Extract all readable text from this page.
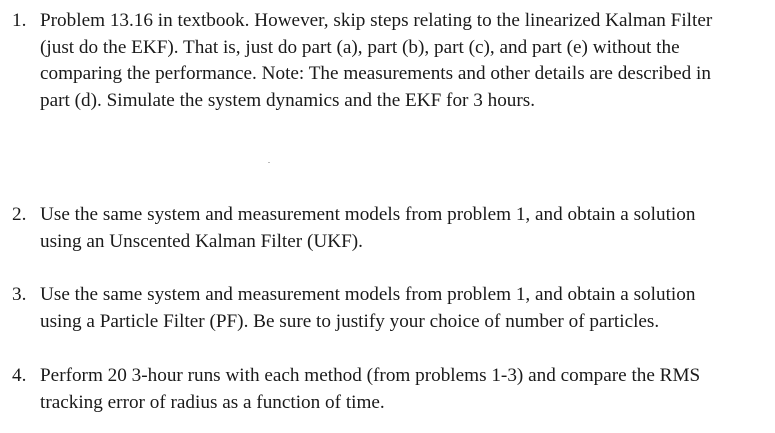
1. Problem 13.16 in textbook. However, skip steps relating to the linearized Kalman Filter
(just do the EKF). That is, just do part (a), part (b), part (c), and part (e) without the
comparing the performance. Note: The measurements and other details are described in
part (d). Simulate the system dynamics and the EKF for 3 hours.
2. Use the same system and measurement models from problem 1, and obtain a solution
using an Unscented Kalman Filter (UKF).
3. Use the same system and measurement models from problem 1, and obtain a solution
using a Particle Filter (PF). Be sure to justify your choice of number of particles.
4. Perform 20 3-hour runs with each method (from problems 1-3) and compare the RMS
tracking error of radius as a function of time.
